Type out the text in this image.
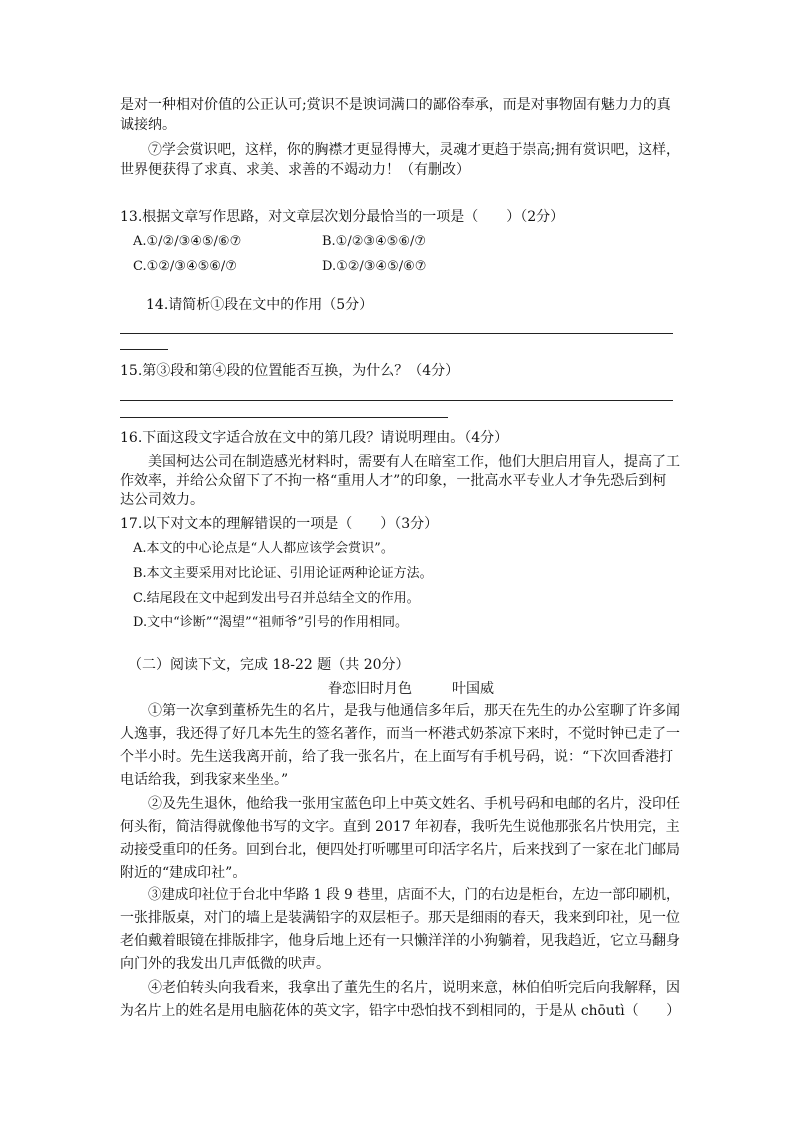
是对一种相对价值的公正认可;赏识不是谀词满口的鄙俗奉承，而是对事物固有魅力力的真
诚接纳。
⑦学会赏识吧，这样，你的胸襟才更显得博大，灵魂才更趋于崇高;拥有赏识吧，这样，
世界便获得了求真、求美、求善的不竭动力！（有删改）
13.根据文章写作思路，对文章层次划分最恰当的一项是（　　）（2分）
A.①/②/③④⑤/⑥⑦	B.①/②③④⑤⑥/⑦
C.①②/③④⑤⑥/⑦	D.①②/③④⑤/⑥⑦
14.请简析①段在文中的作用（5分）
15.第③段和第④段的位置能否互换，为什么？（4分）
16.下面这段文字适合放在文中的第几段？请说明理由。（4分）
美国柯达公司在制造感光材料时，需要有人在暗室工作，他们大胆启用盲人，提高了工
作效率，并给公众留下了不拘一格“重用人才”的印象，一批高水平专业人才争先恐后到柯
达公司效力。
17.以下对文本的理解错误的一项是（　　）（3分）
A.本文的中心论点是“人人都应该学会赏识”。
B.本文主要采用对比论证、引用论证两种论证方法。
C.结尾段在文中起到发出号召并总结全文的作用。
D.文中“诊断”“渴望”“祖师爷”引号的作用相同。
（二）阅读下文，完成 18-22 题（共 20分）
眷恋旧时月色	叶国威
①第一次拿到董桥先生的名片，是我与他通信多年后，那天在先生的办公室聊了许多闻
人逸事，我还得了好几本先生的签名著作，而当一杯港式奶茶凉下来时，不觉时钟已走了一
个半小时。先生送我离开前，给了我一张名片，在上面写有手机号码，说：“下次回香港打
电话给我，到我家来坐坐。”
②及先生退休，他给我一张用宝蓝色印上中英文姓名、手机号码和电邮的名片，没印任
何头衔，简洁得就像他书写的文字。直到 2017 年初春，我听先生说他那张名片快用完，主
动接受重印的任务。回到台北，便四处打听哪里可印活字名片，后来找到了一家在北门邮局
附近的“建成印社”。
③建成印社位于台北中华路 1 段 9 巷里，店面不大，门的右边是柜台，左边一部印刷机，
一张排版桌，对门的墙上是装满铅字的双层柜子。那天是细雨的春天，我来到印社，见一位
老伯戴着眼镜在排版排字，他身后地上还有一只懒洋洋的小狗躺着，见我趋近，它立马翻身
向门外的我发出几声低微的吠声。
④老伯转头向我看来，我拿出了董先生的名片，说明来意，林伯伯听完后向我解释，因
为名片上的姓名是用电脑花体的英文字，铅字中恐怕找不到相同的，于是从 chōutì（　　）
